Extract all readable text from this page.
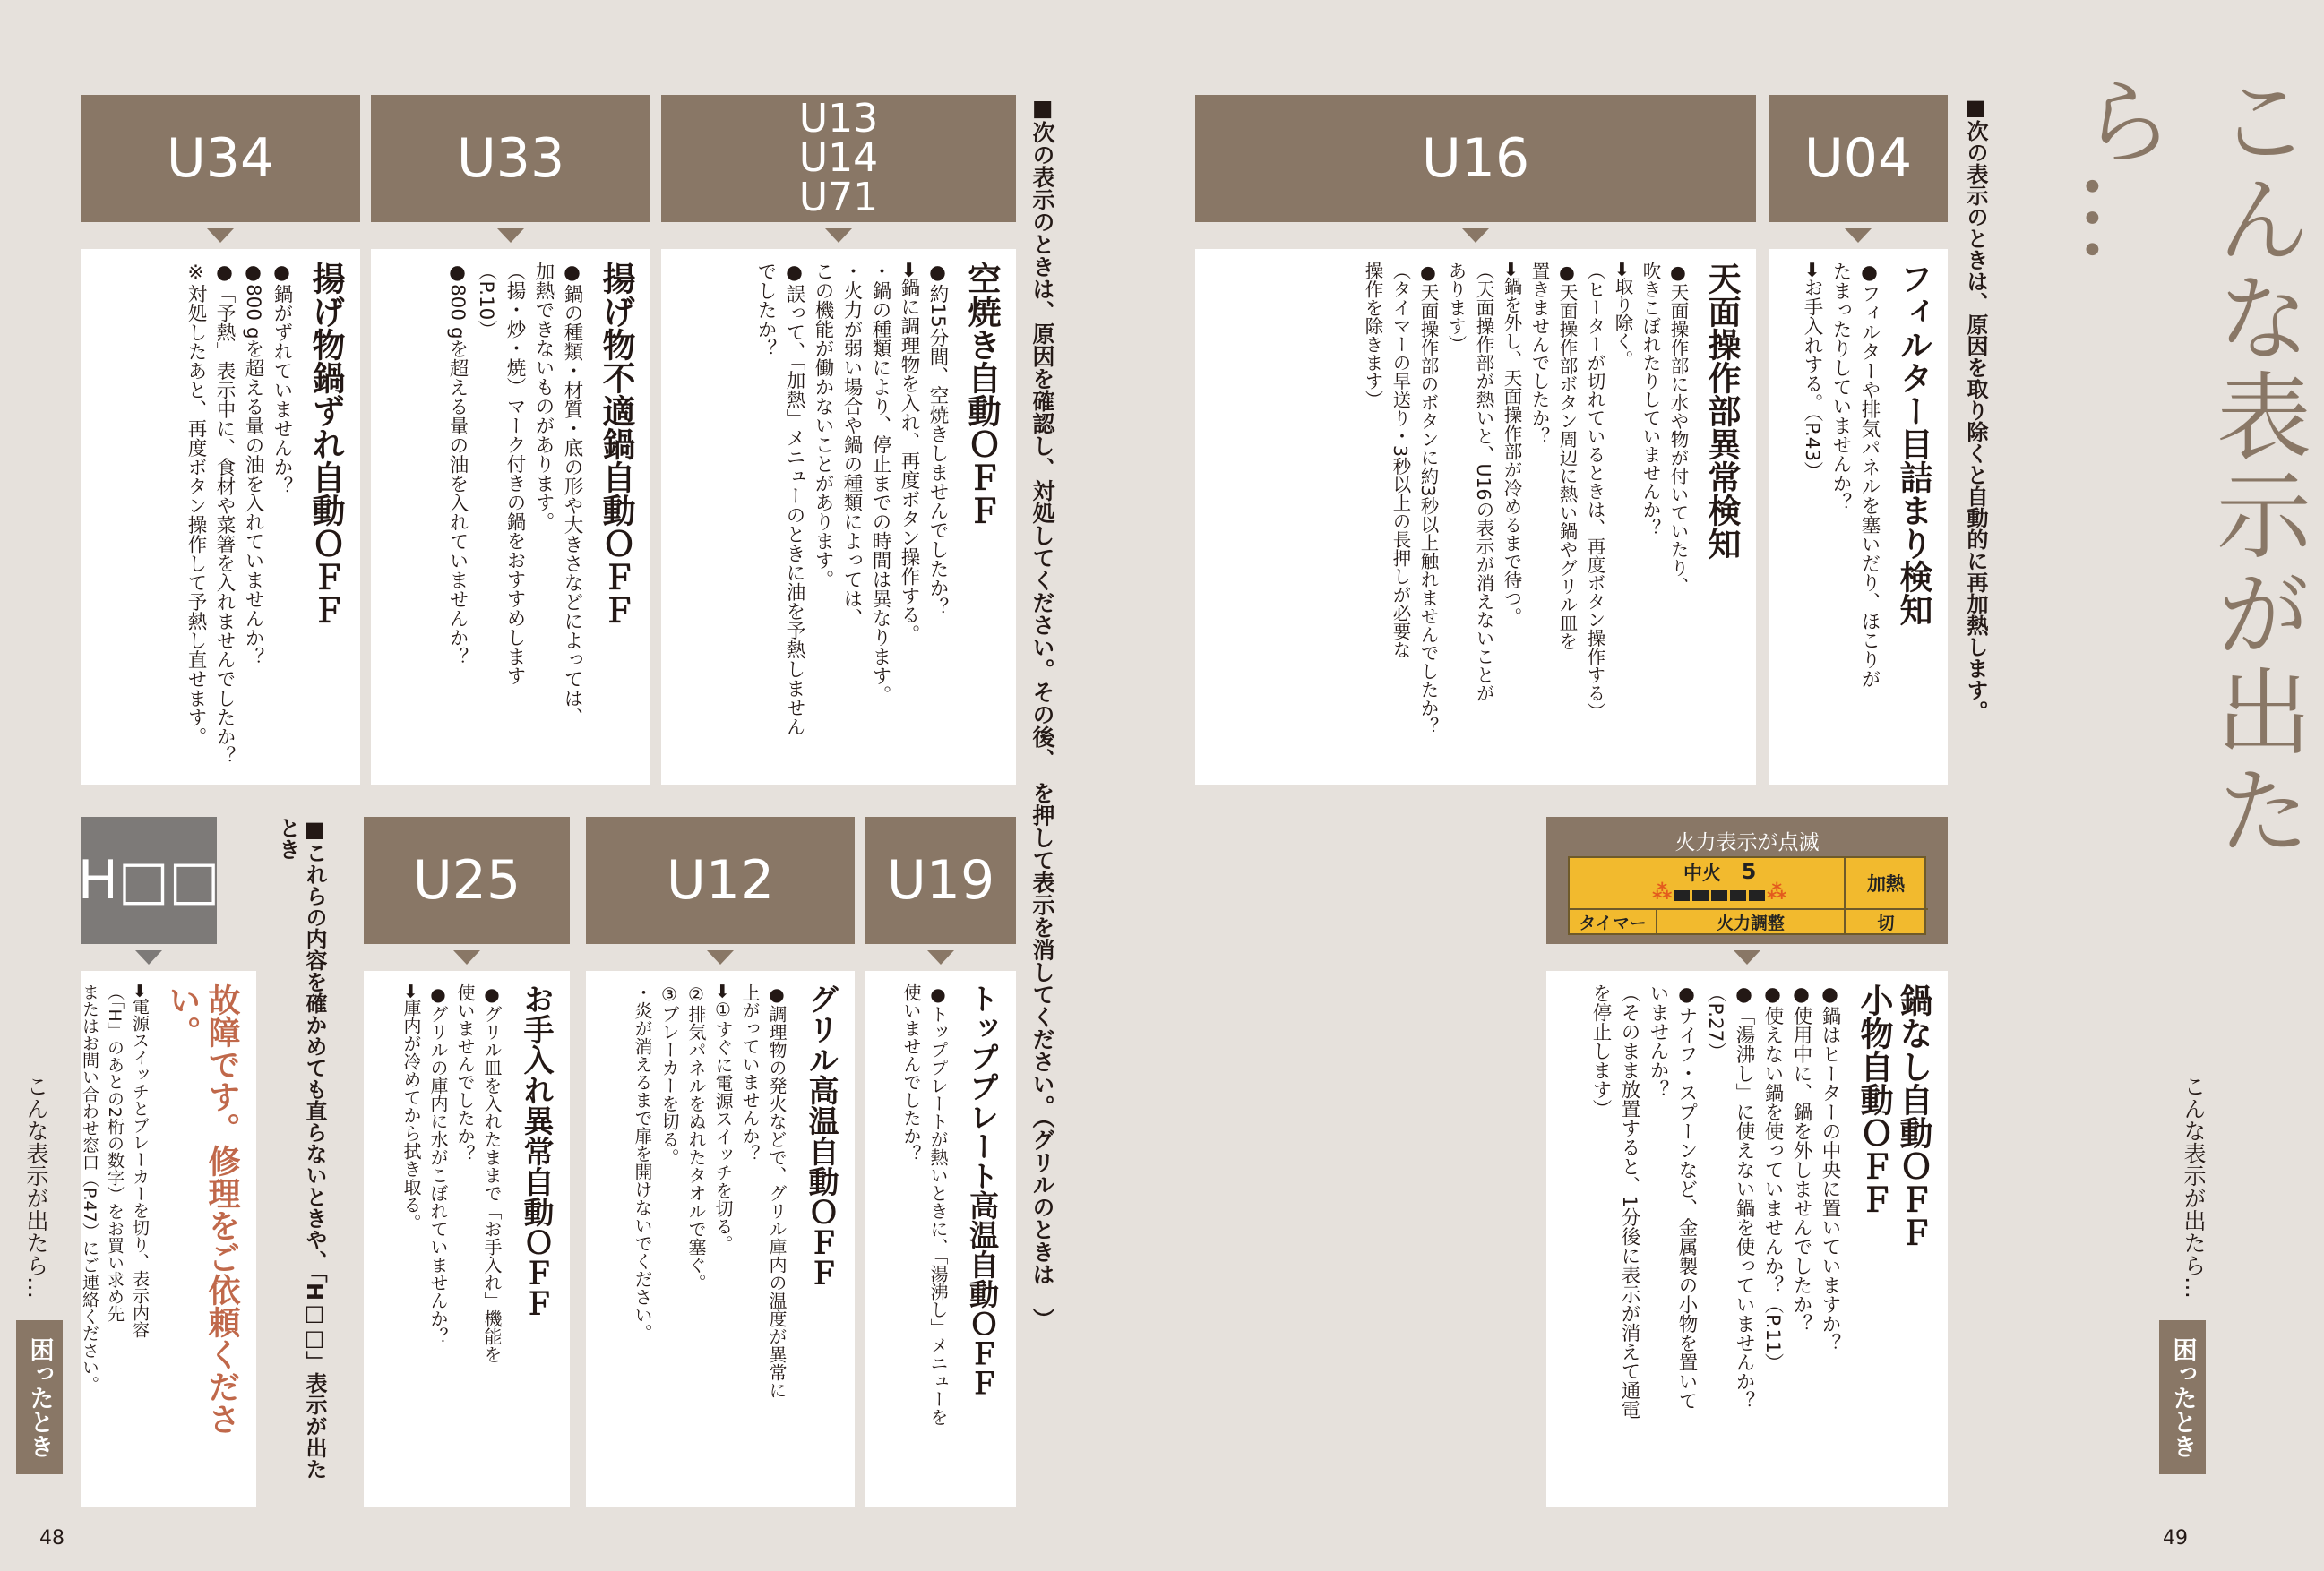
U34	U33
U13
U14
U71
揚げ物鍋ずれ自動ＯＦＦ
●鍋がずれていませんか？
●800 gを超える量の油を入れていませんか？
●「予熱」表示中に、食材や菜箸を入れませんでしたか？
※対処したあと、再度ボタン操作して予熱し直せます。	揚げ物不適鍋自動ＯＦＦ
●鍋の種類・材質・底の形や大きさなどによっては、
加熱できないものがあります。
（揚・炒・焼）マーク付きの鍋をおすすめします
（P.10）
●800 gを超える量の油を入れていませんか？	空焼き自動ＯＦＦ
●約15分間、空焼きしませんでしたか？
➡鍋に調理物を入れ、再度ボタン操作する。
・鍋の種類により、停止までの時間は異なります。
・火力が弱い場合や鍋の種類によっては、
この機能が働かないことがあります。
●誤って、「加熱」メニューのときに油を予熱しません
でしたか？	■次の表示のときは、原因を確認し、対処してください。その後、　を押して表示を消してください。（グリルのときは　）
H□□	■これらの内容を確かめても直らないときや、「H□□」表示が出たとき
U25	U12 U19
故障です。修理をご依頼ください。
➡電源スイッチとブレーカーを切り、表示内容
（「H」のあとの2桁の数字）をお買い求め先
またはお問い合わせ窓口（P.47）にご連絡ください。	お手入れ異常自動ＯＦＦ
●グリル皿を入れたままで「お手入れ」機能を
使いませんでしたか？
●グリルの庫内に水がこぼれていませんか？
➡庫内が冷めてから拭き取る。	グリル高温自動ＯＦＦ
●調理物の発火などで、グリル庫内の温度が異常に
上がっていませんか？
➡①すぐに電源スイッチを切る。
②排気パネルをぬれたタオルで塞ぐ。
③ブレーカーを切る。
・炎が消えるまで扉を開けないでください。	トッププレート高温自動ＯＦＦ
●トッププレートが熱いときに、「湯沸し」メニューを
使いませんでしたか？
こんな表示が出たら…
困ったとき
48
U16	U04
天面操作部異常検知
●天面操作部に水や物が付いていたり、
吹きこぼれたりしていませんか？
➡取り除く。
（ヒーターが切れているときは、再度ボタン操作する）
●天面操作部ボタン周辺に熱い鍋やグリル皿を
置きませんでしたか？
➡鍋を外し、天面操作部が冷めるまで待つ。
（天面操作部が熱いと、U16の表示が消えないことが
あります）
●天面操作部のボタンに約3秒以上触れませんでしたか？
（タイマーの早送り・3秒以上の長押しが必要な
操作を除きます）	フィルター目詰まり検知
●フィルターや排気パネルを塞いだり、ほこりが
たまったりしていませんか？
➡お手入れする。（P.43）	■次の表示のときは、原因を取り除くと自動的に再加熱します。	こんな表示が出たら…
火力表示が点滅
中火 5	加熱
タイマー	火力調整	切
⁂	⁂
鍋なし自動ＯＦＦ
小物自動ＯＦＦ
●鍋はヒーターの中央に置いていますか？
●使用中に、鍋を外しませんでしたか？
●使えない鍋を使っていませんか？（P.11）
●「湯沸し」に使えない鍋を使っていませんか？
（P.27）
●ナイフ・スプーンなど、金属製の小物を置いて
いませんか？
（そのまま放置すると、1分後に表示が消えて通電
を停止します）
こんな表示が出たら…
困ったとき
49
